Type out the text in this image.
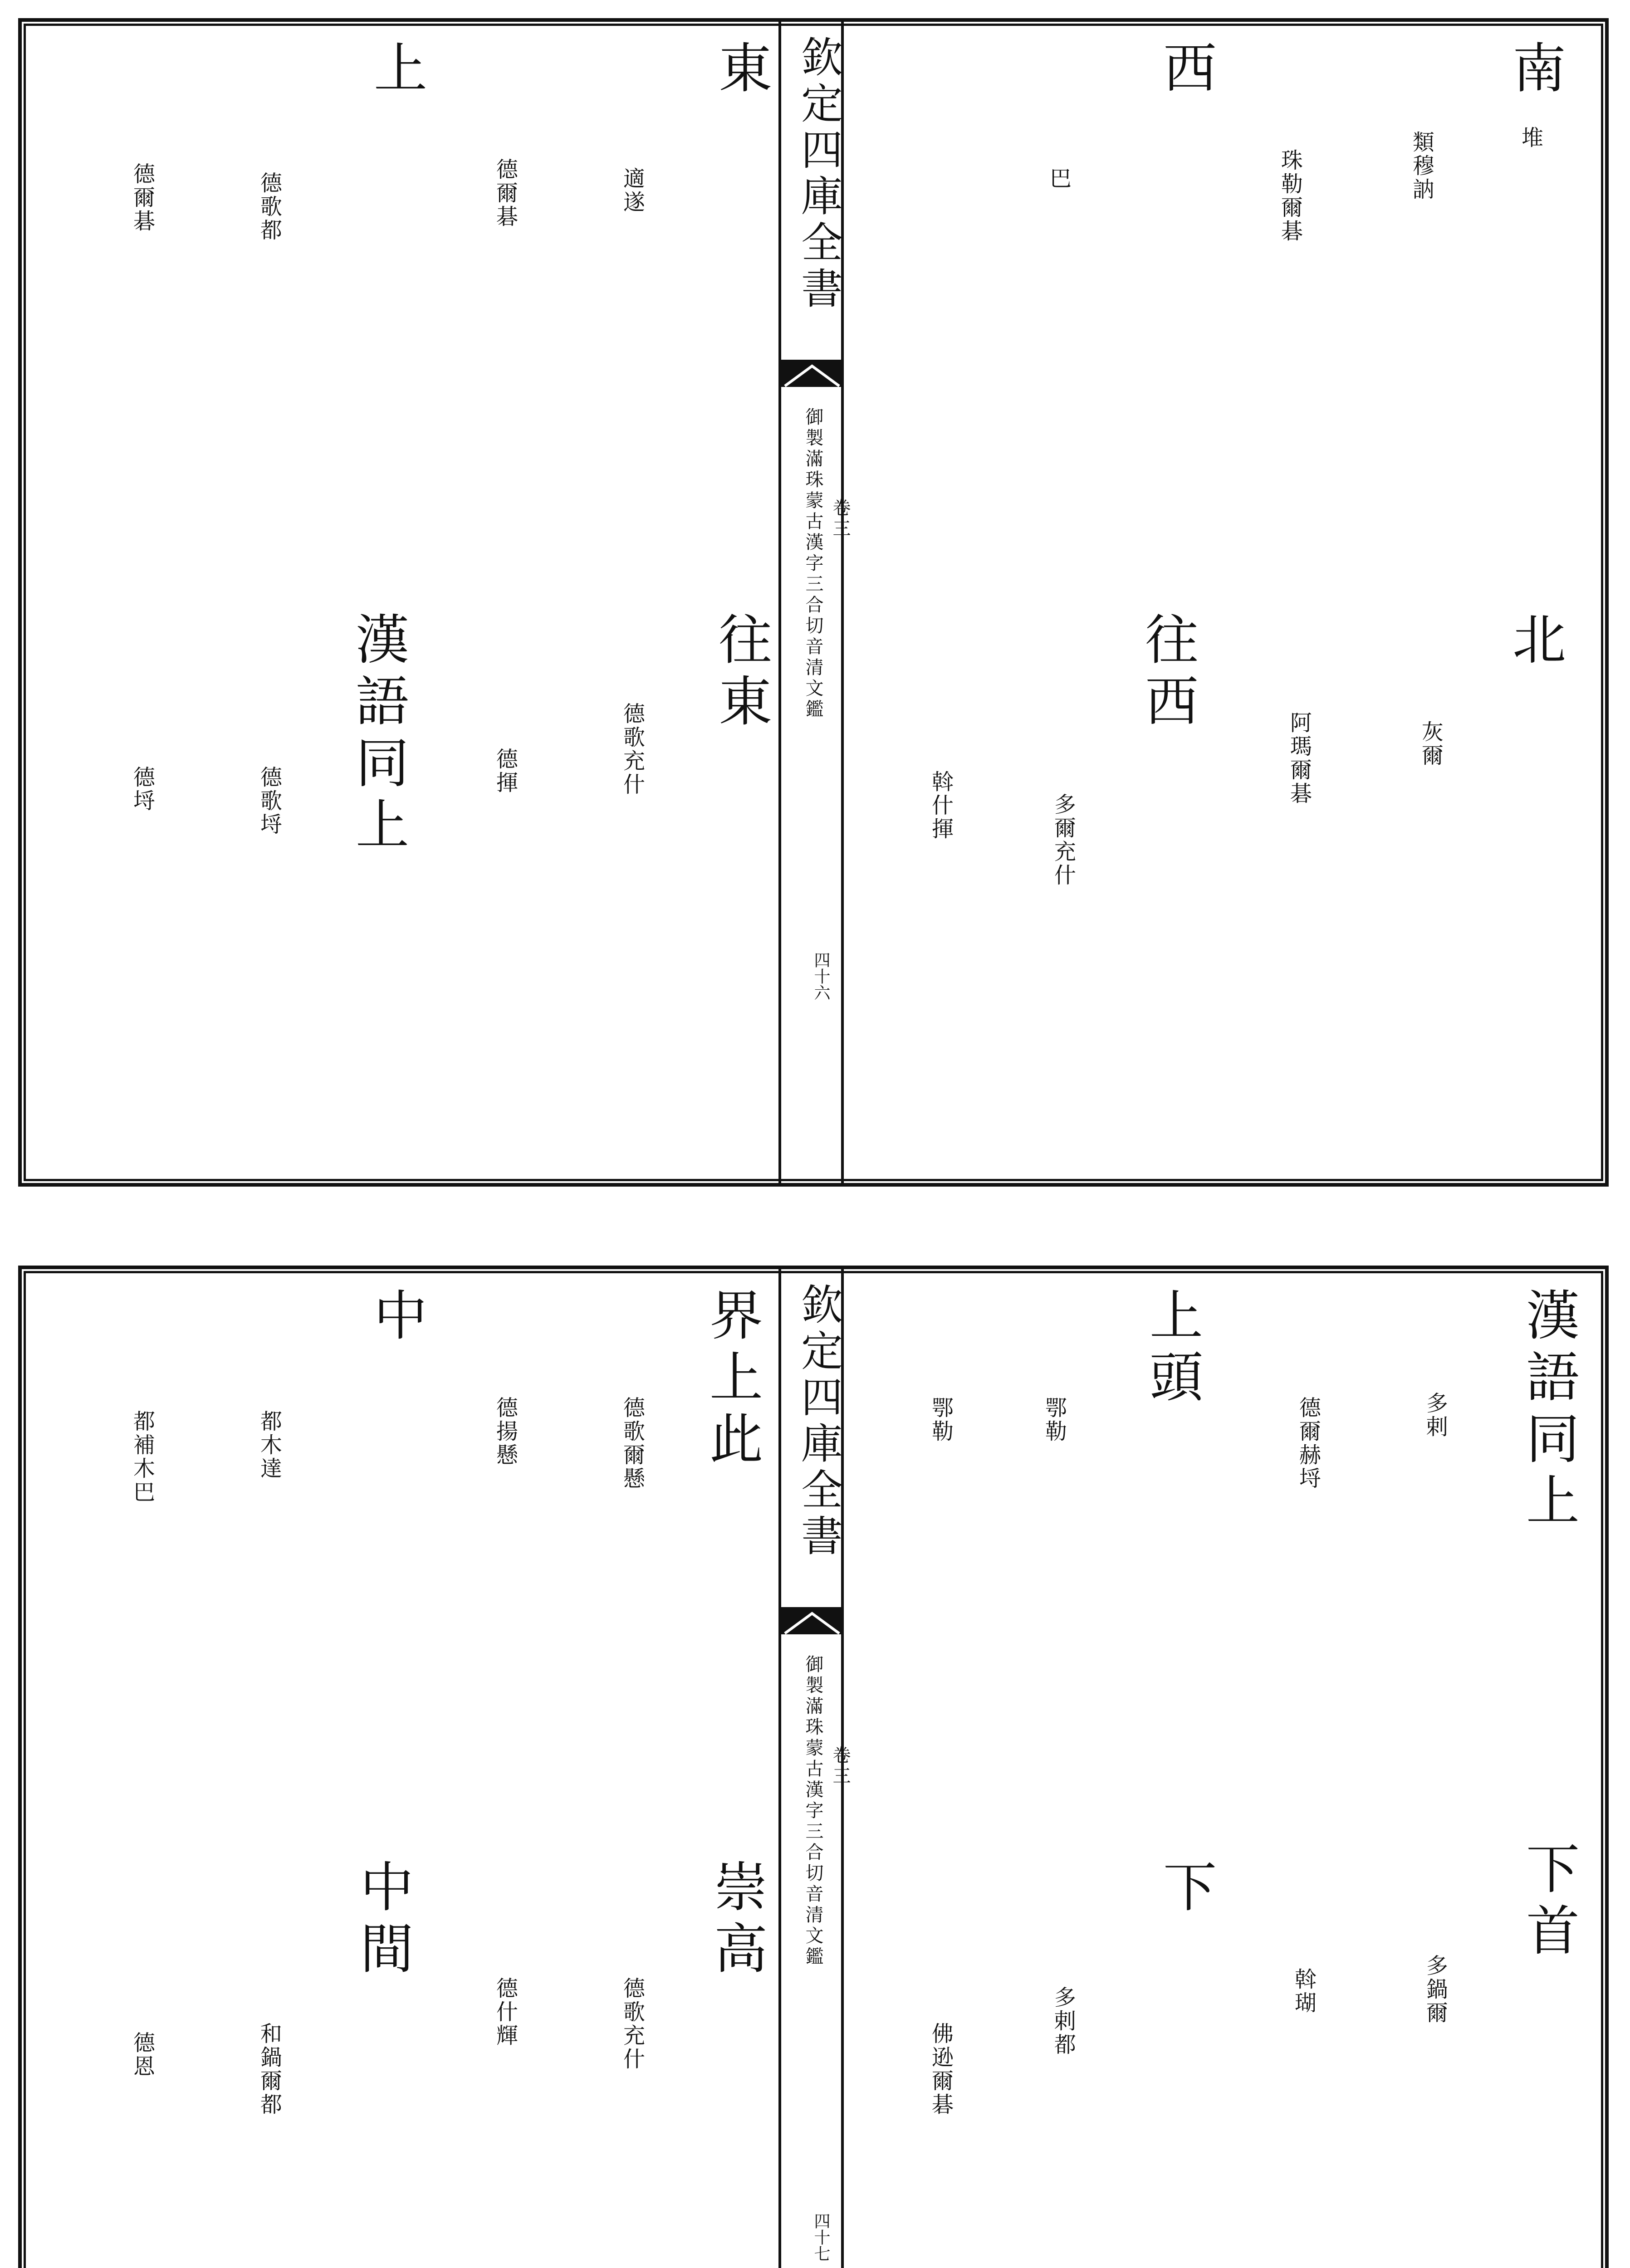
欽定四庫全書
御製滿珠蒙古漢字三合切音清文鑑 卷三
四十六
南
類穆訥	堆
西
珠勒爾碁
巴
北
阿瑪爾碁	灰爾
往西
斡什揮	多爾充什
東
德爾碁	適遂
上
德爾碁	德歌都
往東
德歌充什
德揮
漢語同上
德歌埒
德埒
欽定四庫全書
御製滿珠蒙古漢字三合切音清文鑑 卷三
四十七
漢語同上
德爾赫埒	多剌
上頭
鄂勒
鄂勒
下首
斡瑚	多鍋爾
下
佛逊爾碁
多剌都
界上此
德歌爾懸
德揚懸
中
都木達
都補木巴
崇高
德歌充什
德什輝
中間
和鍋爾都
德恩
